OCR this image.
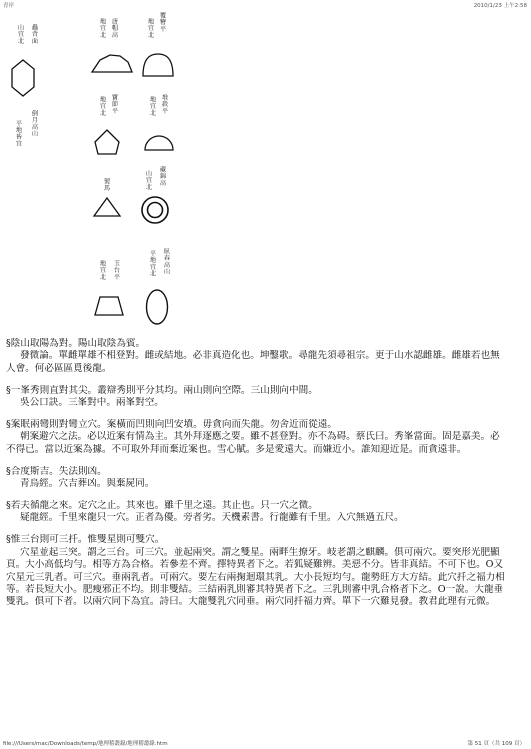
青岸	2010/1/23 上午2:58
蟲背面
山宜北
倒月高山
平地皆宜
唐帽高
地宜北	覆簪平
地宜北
寶節平
地宜北	堆殺平
地宜北
製馬	藏錦高
山宜北
玉台平
地宜北	臥春高山
平地宜北
§陰山取陽為對。陽山取陰為賓。
發微論。單雌單雄不相登對。雌或結地。必非真造化也。坤鑿歌。尋龍先須尋祖宗。更于山水認雌雄。雌雄若也無
人會。何必區區覓後龍。
§一峯秀則直對其尖。叢辯秀則平分其均。兩山則向空際。三山則向中間。
吳公口訣。三峯對中。兩峯對空。
§案眠兩彎則對彎立穴。案橫而凹則向凹安墳。毋貪向而失龍。勿舍近而從遠。
朝案避穴之法。必以近案有情為主。其外拜逐應之要。雖不甚登對。亦不為碍。蔡氏曰。秀峯當面。固是嘉美。必
不得已。當以近案為據。不可取外拜而棄近案也。雪心賦。多是愛遠大。而嫌近小。誰知迎近是。而貪遠非。
§合度斯吉。失法則凶。
青烏經。穴吉葬凶。與棄屍同。
§若夫循龍之來。定穴之止。其來也。雖千里之遠。其止也。只一穴之微。
疑龍經。千里來龍只一穴。正者為優。旁者劣。天機素書。行龍雖有千里。入穴無過五尺。
§惟三台則可三扦。惟雙星則可雙穴。
穴星並起三突。謂之三台。可三穴。並起兩突。謂之雙星。兩畔生撩牙。岐老謂之麒麟。俱可兩穴。要突形光肥顯
頁。大小高低均勻。相等方為合格。若參差不齊。擇特異者下之。若狐疑難辨。美惡不分。皆非真結。不可下也。O又
穴星元三乳者。可三穴。垂兩乳者。可兩穴。要左右兩掬迴環其乳。大小長短均勻。龍勢旺方大方結。此穴扦之福力相
等。若長短大小。肥瘦邪正不均。則非雙結。三結兩乳則審其特異者下之。三乳則審中乳合格者下之。O一說。大龍垂
雙乳。俱可下者。以兩穴同下為宜。詩曰。大龍雙乳穴同垂。兩穴同扦福力齊。單下一穴難見發。教君此理有元微。
file:///Users/mac/Downloads/temp/地理稽叢錄/地理稽叢錄.htm	第 51 頁（共 109 頁）
